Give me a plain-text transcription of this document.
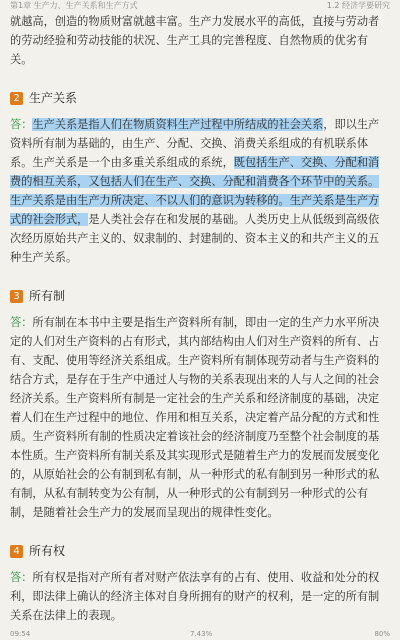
第1章 生产力、生产关系和生产方式	1.2 经济学要研究

就越高，创造的物质财富就越丰富。生产力发展水平的高低，直接与劳动者的劳动经验和劳动技能的状况、生产工具的完善程度、自然物质的优劣有关。

2 生产关系

答：生产关系是指人们在物质资料生产过程中所结成的社会关系，即以生产资料所有制为基础的，由生产、分配、交换、消费关系组成的有机联系体系。生产关系是一个由多重关系组成的系统，既包括生产、交换、分配和消费的相互关系，又包括人们在生产、交换、分配和消费各个环节中的关系。生产关系是由生产力所决定、不以人们的意识为转移的。生产关系是生产方式的社会形式，是人类社会存在和发展的基础。人类历史上从低级到高级依次经历原始共产主义的、奴隶制的、封建制的、资本主义的和共产主义的五种生产关系。

3 所有制

答：所有制在本书中主要是指生产资料所有制，即由一定的生产力水平所决定的人们对生产资料的占有形式，其内部结构由人们对生产资料的所有、占有、支配、使用等经济关系组成。生产资料所有制体现劳动者与生产资料的结合方式，是存在于生产中通过人与物的关系表现出来的人与人之间的社会经济关系。生产资料所有制是一定社会的生产关系和经济制度的基础，决定着人们在生产过程中的地位、作用和相互关系，决定着产品分配的方式和性质。生产资料所有制的性质决定着该社会的经济制度乃至整个社会制度的基本性质。生产资料所有制关系及其实现形式是随着生产力的发展而发展变化的，从原始社会的公有制到私有制，从一种形式的私有制到另一种形式的私有制，从私有制转变为公有制，从一种形式的公有制到另一种形式的公有制，是随着社会生产力的发展而呈现出的规律性变化。

4 所有权

答：所有权是指对产所有者对财产依法享有的占有、使用、收益和处分的权利，即法律上确认的经济主体对自身所拥有的财产的权利，是一定的所有制关系在法律上的表现。

09:54	7.43%	80%
